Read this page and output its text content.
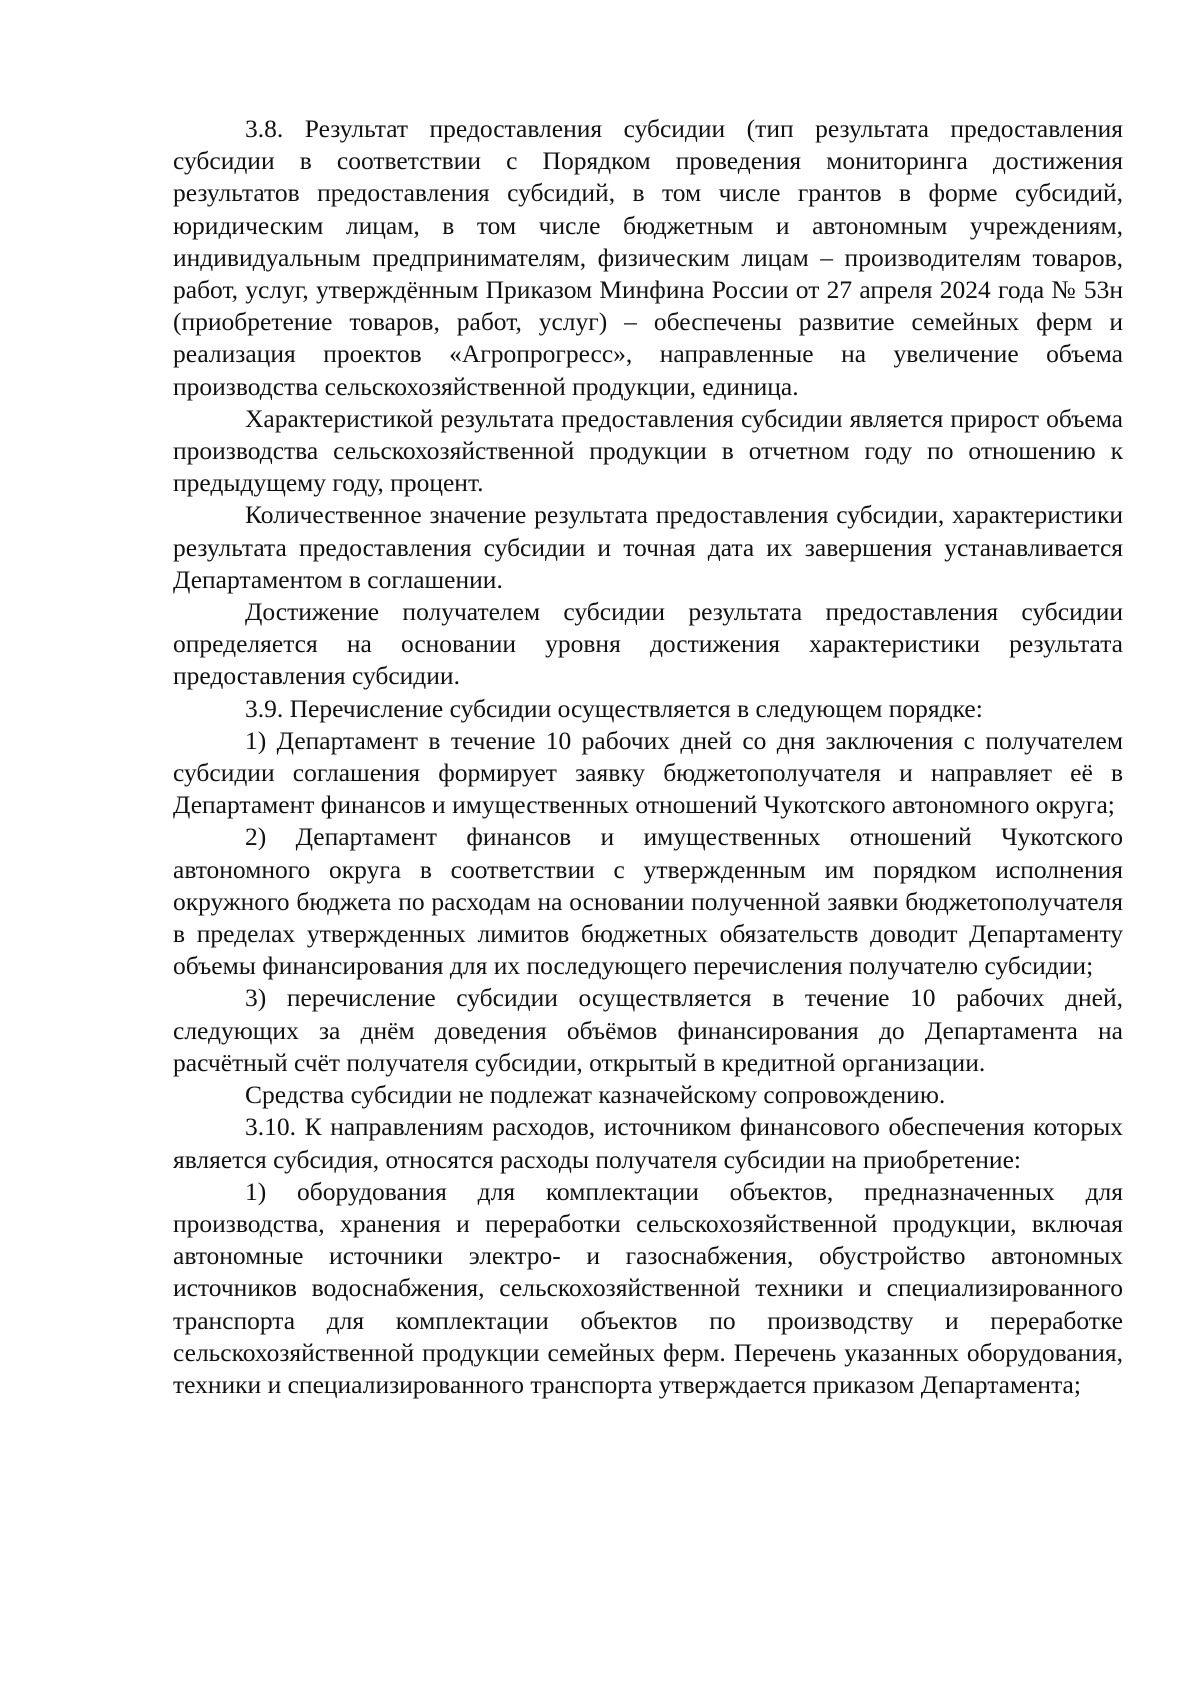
3.8. Результат предоставления субсидии (тип результата предоставления субсидии в соответствии с Порядком проведения мониторинга достижения результатов предоставления субсидий, в том числе грантов в форме субсидий, юридическим лицам, в том числе бюджетным и автономным учреждениям, индивидуальным предпринимателям, физическим лицам – производителям товаров, работ, услуг, утверждённым Приказом Минфина России от 27 апреля 2024 года № 53н (приобретение товаров, работ, услуг) – обеспечены развитие семейных ферм и реализация проектов «Агропрогресс», направленные на увеличение объема производства сельскохозяйственной продукции, единица.

Характеристикой результата предоставления субсидии является прирост объема производства сельскохозяйственной продукции в отчетном году по отношению к предыдущему году, процент.

Количественное значение результата предоставления субсидии, характеристики результата предоставления субсидии и точная дата их завершения устанавливается Департаментом в соглашении.

Достижение получателем субсидии результата предоставления субсидии определяется на основании уровня достижения характеристики результата предоставления субсидии.

3.9. Перечисление субсидии осуществляется в следующем порядке:

1) Департамент в течение 10 рабочих дней со дня заключения с получателем субсидии соглашения формирует заявку бюджетополучателя и направляет её в Департамент финансов и имущественных отношений Чукотского автономного округа;

2) Департамент финансов и имущественных отношений Чукотского автономного округа в соответствии с утвержденным им порядком исполнения окружного бюджета по расходам на основании полученной заявки бюджетополучателя в пределах утвержденных лимитов бюджетных обязательств доводит Департаменту объемы финансирования для их последующего перечисления получателю субсидии;

3) перечисление субсидии осуществляется в течение 10 рабочих дней, следующих за днём доведения объёмов финансирования до Департамента на расчётный счёт получателя субсидии, открытый в кредитной организации.

Средства субсидии не подлежат казначейскому сопровождению.

3.10. К направлениям расходов, источником финансового обеспечения которых является субсидия, относятся расходы получателя субсидии на приобретение:

1) оборудования для комплектации объектов, предназначенных для производства, хранения и переработки сельскохозяйственной продукции, включая автономные источники электро- и газоснабжения, обустройство автономных источников водоснабжения, сельскохозяйственной техники и специализированного транспорта для комплектации объектов по производству и переработке сельскохозяйственной продукции семейных ферм. Перечень указанных оборудования, техники и специализированного транспорта утверждается приказом Департамента;
